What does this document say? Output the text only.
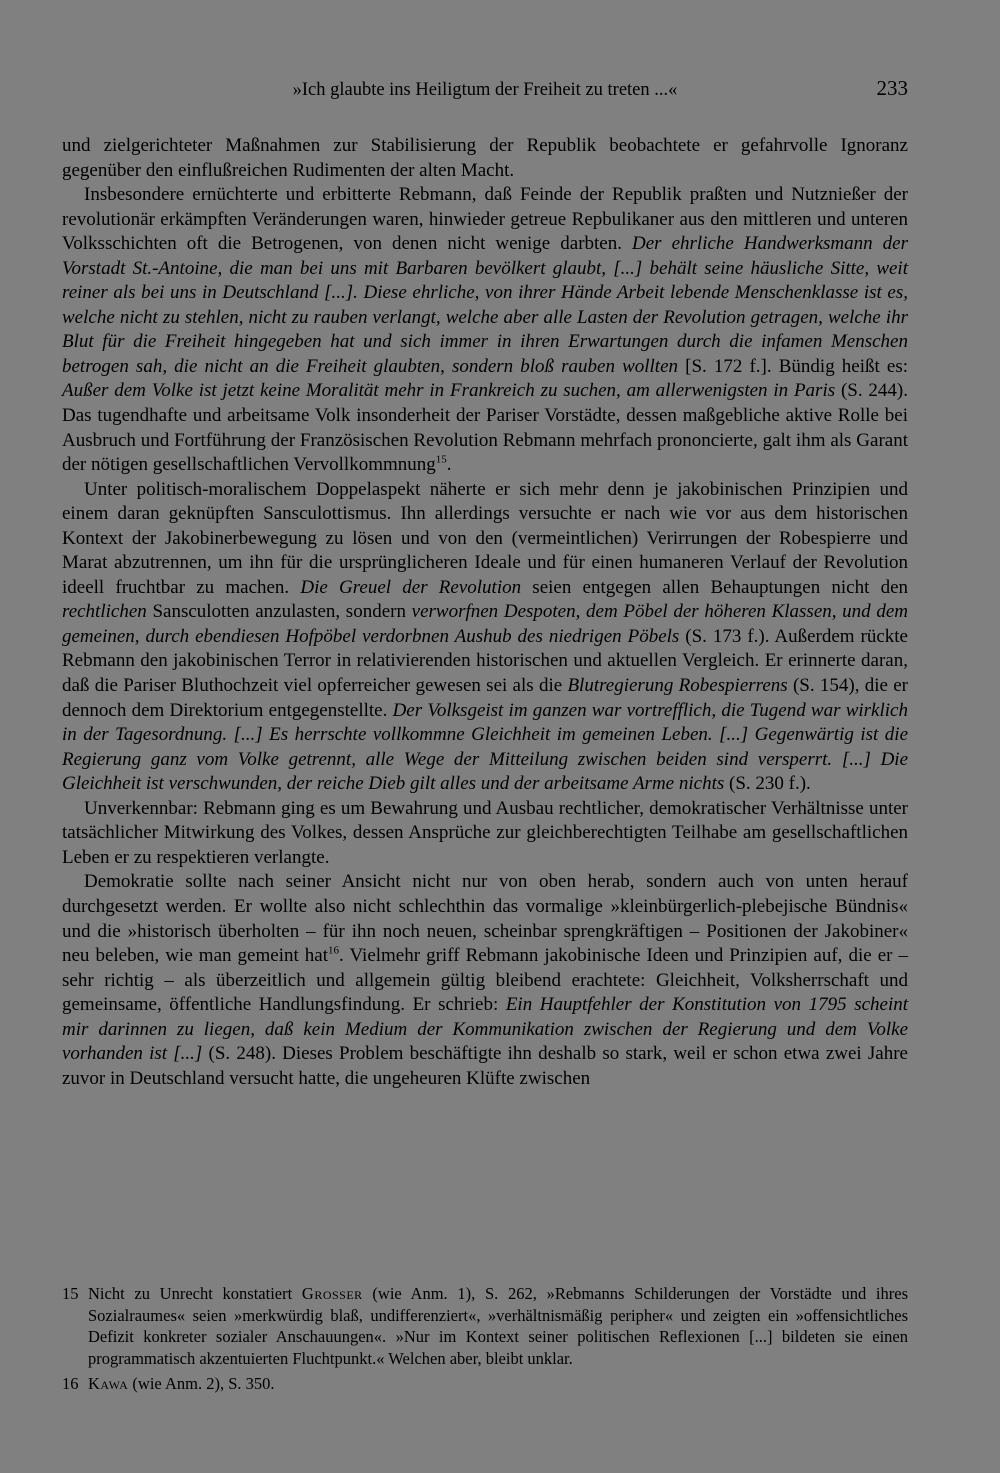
»Ich glaubte ins Heiligtum der Freiheit zu treten ...«	233

und zielgerichteter Maßnahmen zur Stabilisierung der Republik beobachtete er gefahrvolle Ignoranz gegenüber den einflußreichen Rudimenten der alten Macht.

Insbesondere ernüchterte und erbitterte Rebmann, daß Feinde der Republik praßten und Nutznießer der revolutionär erkämpften Veränderungen waren, hinwieder getreue Repbulikaner aus den mittleren und unteren Volksschichten oft die Betrogenen, von denen nicht wenige darbten. Der ehrliche Handwerksmann der Vorstadt St.-Antoine, die man bei uns mit Barbaren bevölkert glaubt, [...] behält seine häusliche Sitte, weit reiner als bei uns in Deutschland [...]. Diese ehrliche, von ihrer Hände Arbeit lebende Menschenklasse ist es, welche nicht zu stehlen, nicht zu rauben verlangt, welche aber alle Lasten der Revolution getragen, welche ihr Blut für die Freiheit hingegeben hat und sich immer in ihren Erwartungen durch die infamen Menschen betrogen sah, die nicht an die Freiheit glaubten, sondern bloß rauben wollten [S. 172 f.]. Bündig heißt es: Außer dem Volke ist jetzt keine Moralität mehr in Frankreich zu suchen, am allerwenigsten in Paris (S. 244). Das tugendhafte und arbeitsame Volk insonderheit der Pariser Vorstädte, dessen maßgebliche aktive Rolle bei Ausbruch und Fortführung der Französischen Revolution Rebmann mehrfach prononcierte, galt ihm als Garant der nötigen gesellschaftlichen Vervollkommnung$^{15}$.

Unter politisch-moralischem Doppelaspekt näherte er sich mehr denn je jakobinischen Prinzipien und einem daran geknüpften Sansculottismus. Ihn allerdings versuchte er nach wie vor aus dem historischen Kontext der Jakobinerbewegung zu lösen und von den (vermeintlichen) Verirrungen der Robespierre und Marat abzutrennen, um ihn für die ursprünglicheren Ideale und für einen humaneren Verlauf der Revolution ideell fruchtbar zu machen. Die Greuel der Revolution seien entgegen allen Behauptungen nicht den rechtlichen Sansculotten anzulasten, sondern verworfnen Despoten, dem Pöbel der höheren Klassen, und dem gemeinen, durch ebendiesen Hofpöbel verdorbnen Aushub des niedrigen Pöbels (S. 173 f.). Außerdem rückte Rebmann den jakobinischen Terror in relativierenden historischen und aktuellen Vergleich. Er erinnerte daran, daß die Pariser Bluthochzeit viel opferreicher gewesen sei als die Blutregierung Robespierrens (S. 154), die er dennoch dem Direktorium entgegenstellte. Der Volksgeist im ganzen war vortrefflich, die Tugend war wirklich in der Tagesordnung. [...] Es herrschte vollkommne Gleichheit im gemeinen Leben. [...] Gegenwärtig ist die Regierung ganz vom Volke getrennt, alle Wege der Mitteilung zwischen beiden sind versperrt. [...] Die Gleichheit ist verschwunden, der reiche Dieb gilt alles und der arbeitsame Arme nichts (S. 230 f.).

Unverkennbar: Rebmann ging es um Bewahrung und Ausbau rechtlicher, demokratischer Verhältnisse unter tatsächlicher Mitwirkung des Volkes, dessen Ansprüche zur gleichberechtigten Teilhabe am gesellschaftlichen Leben er zu respektieren verlangte.

Demokratie sollte nach seiner Ansicht nicht nur von oben herab, sondern auch von unten herauf durchgesetzt werden. Er wollte also nicht schlechthin das vormalige »kleinbürgerlich-plebejische Bündnis« und die »historisch überholten – für ihn noch neuen, scheinbar sprengkräftigen – Positionen der Jakobiner« neu beleben, wie man gemeint hat$^{16}$. Vielmehr griff Rebmann jakobinische Ideen und Prinzipien auf, die er – sehr richtig – als überzeitlich und allgemein gültig bleibend erachtete: Gleichheit, Volksherrschaft und gemeinsame, öffentliche Handlungsfindung. Er schrieb: Ein Hauptfehler der Konstitution von 1795 scheint mir darinnen zu liegen, daß kein Medium der Kommunikation zwischen der Regierung und dem Volke vorhanden ist [...] (S. 248). Dieses Problem beschäftigte ihn deshalb so stark, weil er schon etwa zwei Jahre zuvor in Deutschland versucht hatte, die ungeheuren Klüfte zwischen

15 Nicht zu Unrecht konstatiert Grosser (wie Anm. 1), S. 262, »Rebmanns Schilderungen der Vorstädte und ihres Sozialraumes« seien »merkwürdig blaß, undifferenziert«, »verhältnismäßig peripher« und zeigten ein »offensichtliches Defizit konkreter sozialer Anschauungen«. »Nur im Kontext seiner politischen Reflexionen [...] bildeten sie einen programmatisch akzentuierten Fluchtpunkt.« Welchen aber, bleibt unklar.
16 Kawa (wie Anm. 2), S. 350.
